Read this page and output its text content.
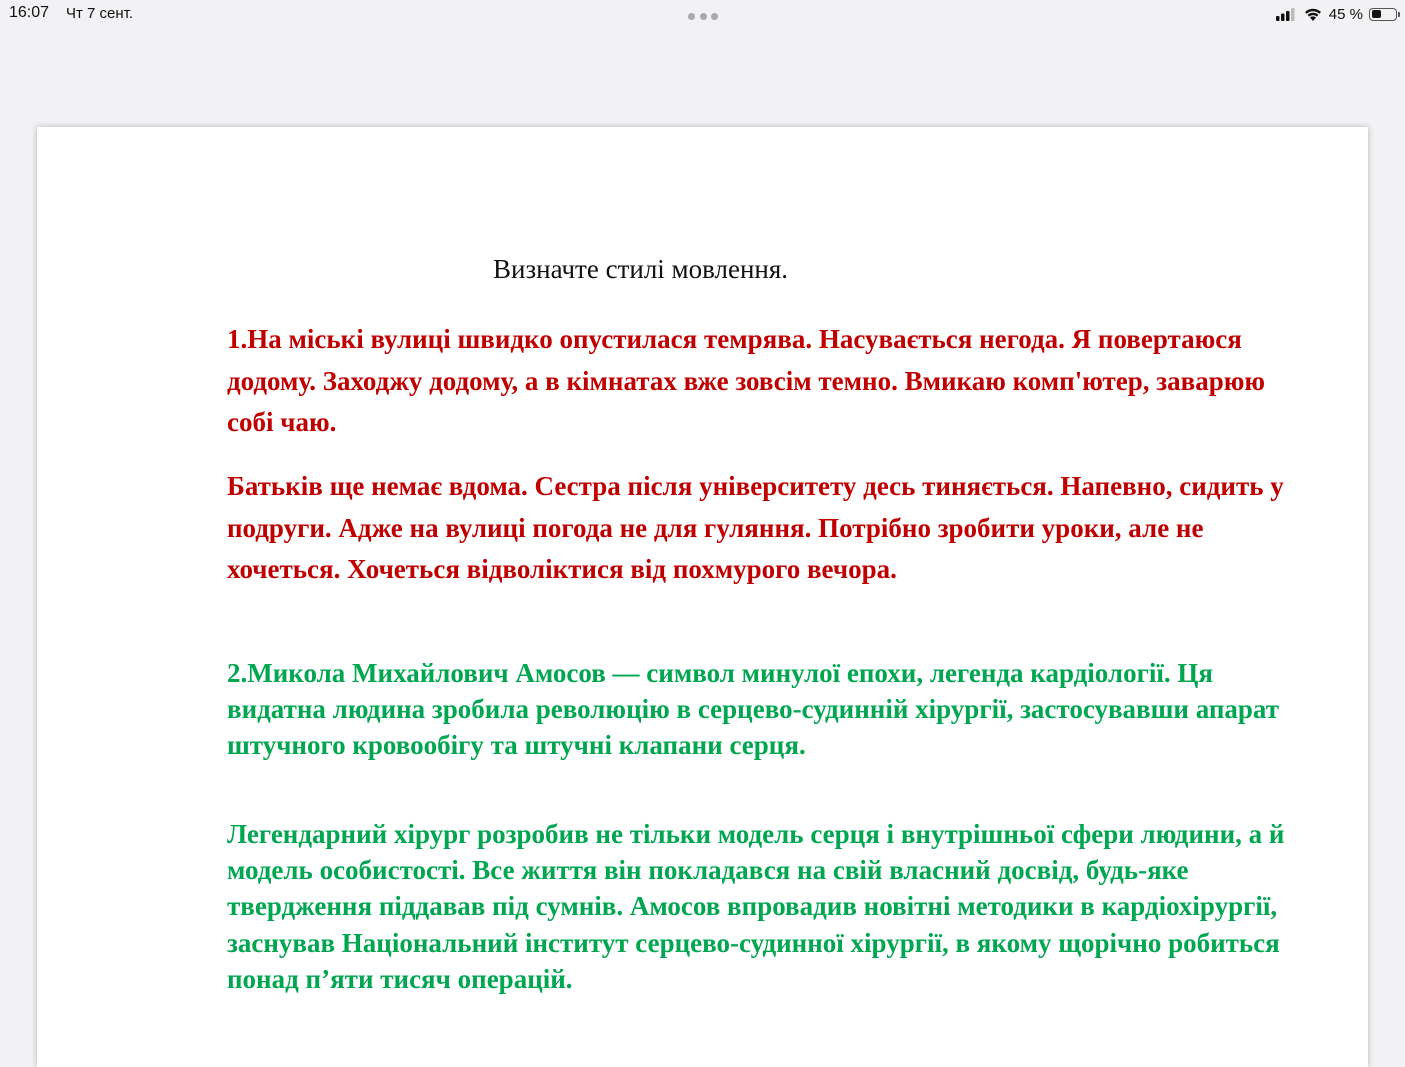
16:07 Чт 7 сент.	45 %
Визначте стилі мовлення.

1.На міські вулиці швидко опустилася темрява. Насувається негода. Я повертаюся додому. Заходжу додому, а в кімнатах вже зовсім темно. Вмикаю комп'ютер, заварюю собі чаю.

Батьків ще немає вдома. Сестра після університету десь тиняється. Напевно, сидить у подруги. Адже на вулиці погода не для гуляння. Потрібно зробити уроки, але не хочеться. Хочеться відволіктися від похмурого вечора.

2.Микола Михайлович Амосов — символ минулої епохи, легенда кардіології. Ця видатна людина зробила революцію в серцево-судинній хірургії, застосувавши апарат штучного кровообігу та штучні клапани серця.

Легендарний хірург розробив не тільки модель серця і внутрішньої сфери людини, а й модель особистості. Все життя він покладався на свій власний досвід, будь-яке твердження піддавав під сумнів. Амосов впровадив новітні методики в кардіохірургії, заснував Національний інститут серцево-судинної хірургії, в якому щорічно робиться понад п’яти тисяч операцій.
